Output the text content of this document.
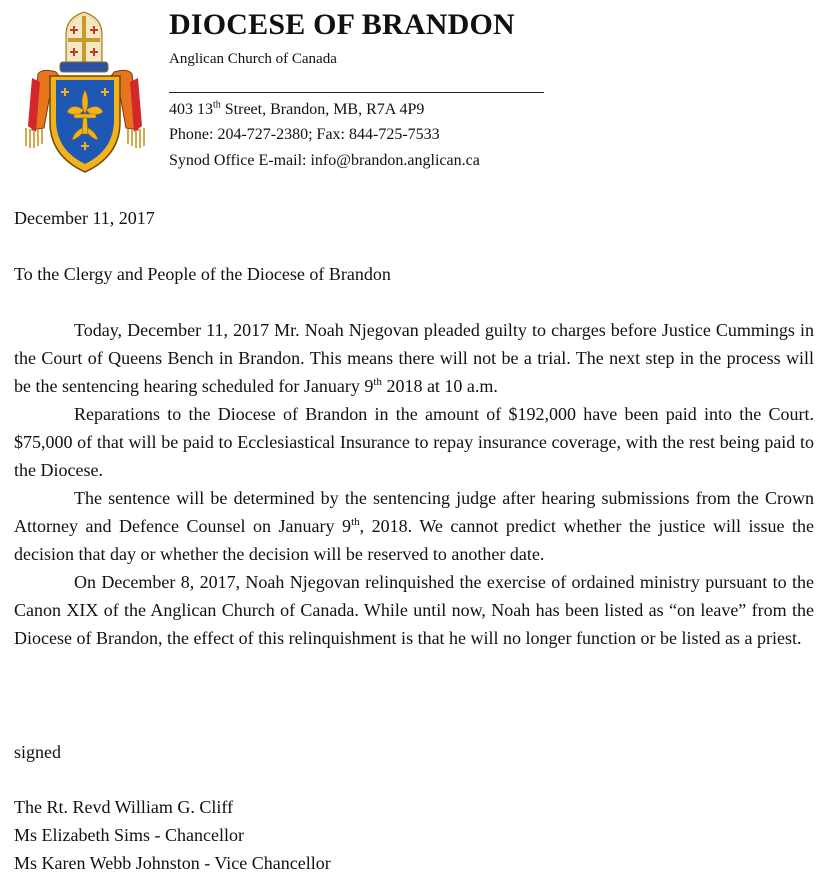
DIOCESE OF BRANDON
Anglican Church of Canada
403 13th Street, Brandon, MB, R7A 4P9
Phone: 204-727-2380; Fax: 844-725-7533
Synod Office E-mail: info@brandon.anglican.ca
December 11, 2017
To the Clergy and People of the Diocese of Brandon
Today, December 11, 2017 Mr. Noah Njegovan pleaded guilty to charges before Justice Cummings in the Court of Queens Bench in Brandon. This means there will not be a trial. The next step in the process will be the sentencing hearing scheduled for January 9th 2018 at 10 a.m.
Reparations to the Diocese of Brandon in the amount of $192,000 have been paid into the Court. $75,000 of that will be paid to Ecclesiastical Insurance to repay insurance coverage, with the rest being paid to the Diocese.
The sentence will be determined by the sentencing judge after hearing submissions from the Crown Attorney and Defence Counsel on January 9th, 2018. We cannot predict whether the justice will issue the decision that day or whether the decision will be reserved to another date.
On December 8, 2017, Noah Njegovan relinquished the exercise of ordained ministry pursuant to the Canon XIX of the Anglican Church of Canada. While until now, Noah has been listed as “on leave” from the Diocese of Brandon, the effect of this relinquishment is that he will no longer function or be listed as a priest.
signed
The Rt. Revd William G. Cliff
Ms Elizabeth Sims - Chancellor
Ms Karen Webb Johnston - Vice Chancellor
